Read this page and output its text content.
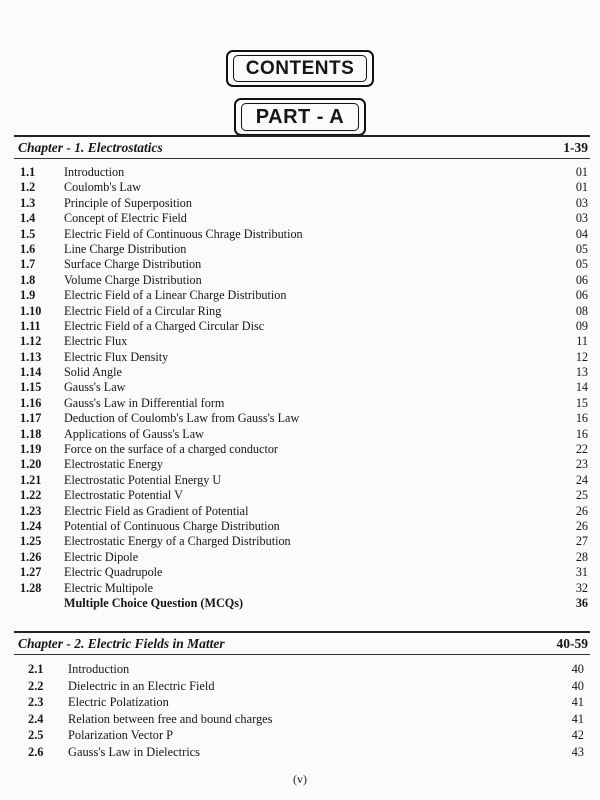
CONTENTS
PART - A
Chapter - 1. Electrostatics	1-39
1.1 Introduction	01
1.2 Coulomb's Law	01
1.3 Principle of Superposition	03
1.4 Concept of Electric Field	03
1.5 Electric Field of Continuous Chrage Distribution	04
1.6 Line Charge Distribution	05
1.7 Surface Charge Distribution	05
1.8 Volume Charge Distribution	06
1.9 Electric Field of a Linear Charge Distribution	06
1.10 Electric Field of a Circular Ring	08
1.11 Electric Field of a Charged Circular Disc	09
1.12 Electric Flux	11
1.13 Electric Flux Density	12
1.14 Solid Angle	13
1.15 Gauss's Law	14
1.16 Gauss's Law in Differential form	15
1.17 Deduction of Coulomb's Law from Gauss's Law	16
1.18 Applications of Gauss's Law	16
1.19 Force on the surface of a charged conductor	22
1.20 Electrostatic Energy	23
1.21 Electrostatic Potential Energy U	24
1.22 Electrostatic Potential V	25
1.23 Electric Field as Gradient of Potential	26
1.24 Potential of Continuous Charge Distribution	26
1.25 Electrostatic Energy of a Charged Distribution	27
1.26 Electric Dipole	28
1.27 Electric Quadrupole	31
1.28 Electric Multipole	32
Multiple Choice Question (MCQs)	36
Chapter - 2. Electric Fields in Matter	40-59
2.1 Introduction	40
2.2 Dielectric in an Electric Field	40
2.3 Electric Polatization	41
2.4 Relation between free and bound charges	41
2.5 Polarization Vector P	42
2.6 Gauss's Law in Dielectrics	43
(v)
